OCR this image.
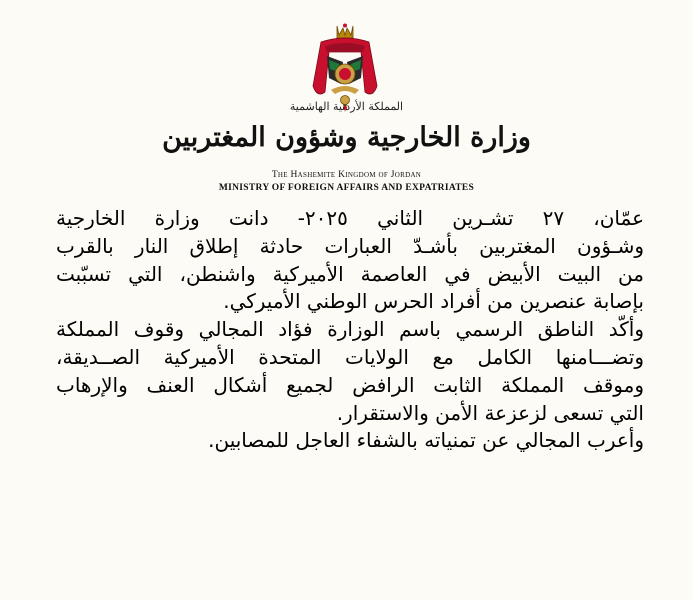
المملكة الأردنية الهاشمية
وزارة الخارجية وشؤون المغتربين
The Hashemite Kingdom of Jordan
MINISTRY OF FOREIGN AFFAIRS AND EXPATRIATES

عمّان، ٢٧ تشـرين الثاني ٢٠٢٥- دانت وزارة الخارجية

وشـؤون المغتربين بأشـدّ العبارات حادثة إطلاق النار بالقرب

من البيت الأبيض في العاصمة الأميركية واشنطن، التي تسبّبت

بإصابة عنصرين من أفراد الحرس الوطني الأميركي.

وأكّد الناطق الرسمي باسم الوزارة فؤاد المجالي وقوف المملكة

وتضـــامنها الكامل مع الولايات المتحدة الأميركية الصــديقة،

وموقف المملكة الثابت الرافض لجميع أشكال العنف والإرهاب

التي تسعى لزعزعة الأمن والاستقرار.

وأعرب المجالي عن تمنياته بالشفاء العاجل للمصابين.
